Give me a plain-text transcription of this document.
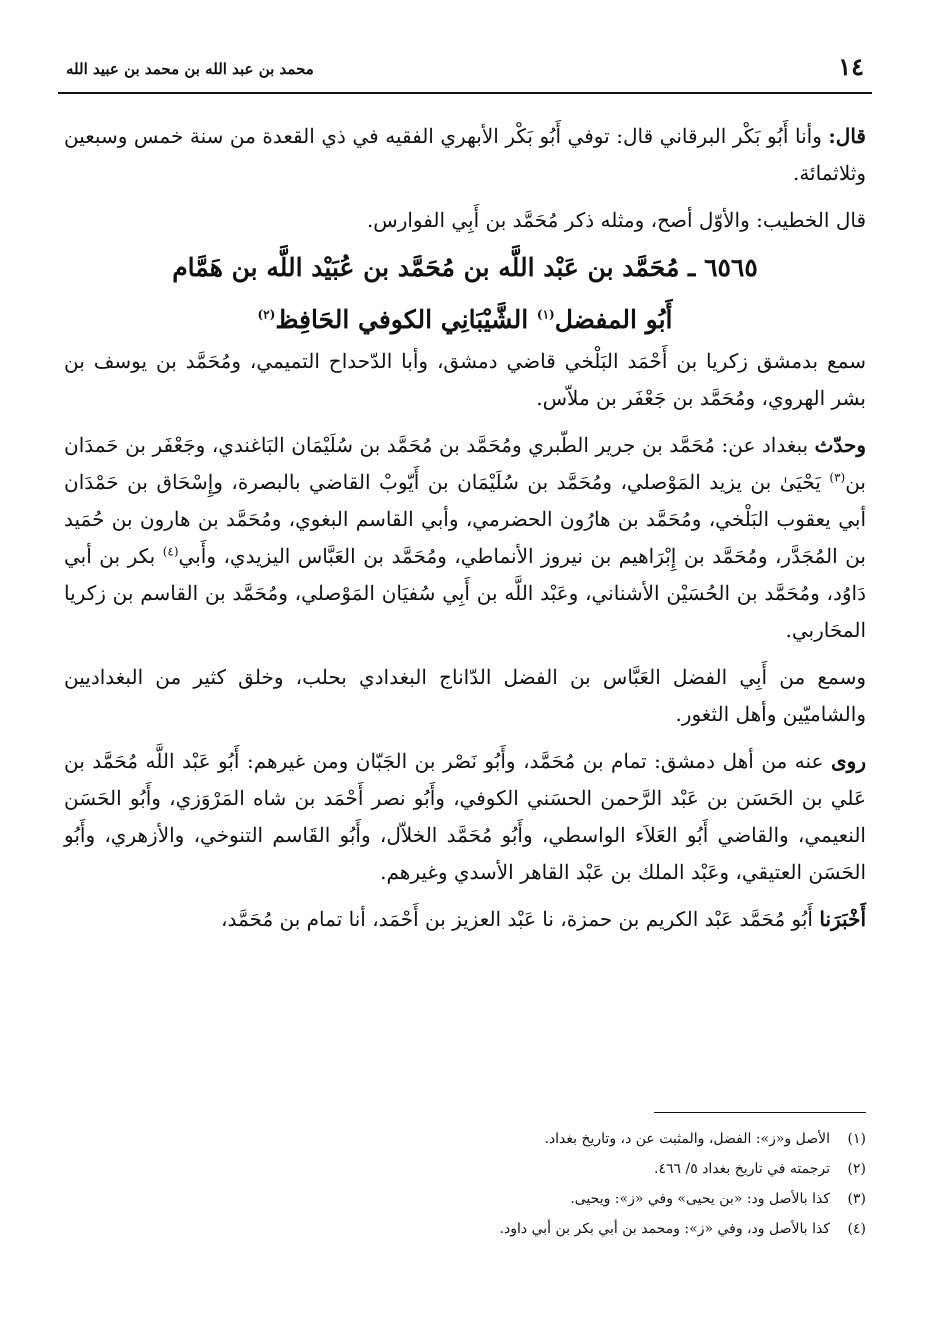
١٤
محمد بن عبد الله بن محمد بن عبيد الله

قال: وأنا أَبُو بَكْر البرقاني قال: توفي أَبُو بَكْر الأبهري الفقيه في ذي القعدة من سنة خمس وسبعين وثلاثمائة.

قال الخطيب: والأوّل أصح، ومثله ذكر مُحَمَّد بن أَبِي الفوارس.

٦٥٦٥ ـ مُحَمَّد بن عَبْد اللَّه بن مُحَمَّد بن عُبَيْد اللَّه بن هَمَّام
أَبُو المفضل$^{(١)}$ الشَّيْبَانِي الكوفي الحَافِظ$^{(٢)}$

سمع بدمشق زكريا بن أَحْمَد البَلْخي قاضي دمشق، وأبا الدّحداح التميمي، ومُحَمَّد بن يوسف بن بشر الهروي، ومُحَمَّد بن جَعْفَر بن ملاّس.

وحدّث ببغداد عن: مُحَمَّد بن جرير الطّبري ومُحَمَّد بن مُحَمَّد بن سُلَيْمَان البَاغندي، وجَعْفَر بن حَمدَان بن$^{(٣)}$ يَحْيَىٰ بن يزيد المَوْصلي، ومُحَمَّد بن سُلَيْمَان بن أَيّوبْ القاضي بالبصرة، وإِسْحَاق بن حَمْدَان أبي يعقوب البَلْخي، ومُحَمَّد بن هارُون الحضرمي، وأبي القاسم البغوي، ومُحَمَّد بن هارون بن حُمَيد بن المُجَدَّر، ومُحَمَّد بن إِبْرَاهيم بن نيروز الأنماطي، ومُحَمَّد بن العَبَّاس اليزيدي، وأَبي$^{(٤)}$ بكر بن أبي دَاوُد، ومُحَمَّد بن الحُسَيْن الأشناني، وعَبْد اللَّه بن أَبِي سُفيَان المَوْصلي، ومُحَمَّد بن القاسم بن زكريا المحَاربي.

وسمع من أَبِي الفضل العَبَّاس بن الفضل الدّاناج البغدادي بحلب، وخلق كثير من البغداديين والشاميّين وأهل الثغور.

روى عنه من أهل دمشق: تمام بن مُحَمَّد، وأَبُو نَصْر بن الجَبّان ومن غيرهم: أَبُو عَبْد اللَّه مُحَمَّد بن عَلي بن الحَسَن بن عَبْد الرَّحمن الحسَني الكوفي، وأَبُو نصر أَحْمَد بن شاه المَرْوَزي، وأَبُو الحَسَن النعيمي، والقاضي أَبُو العَلاَء الواسطي، وأَبُو مُحَمَّد الخلاّل، وأَبُو القَاسم التنوخي، والأزهري، وأَبُو الحَسَن العتيقي، وعَبْد الملك بن عَبْد القاهر الأسدي وغيرهم.

أَخْبَرَنا أَبُو مُحَمَّد عَبْد الكريم بن حمزة، نا عَبْد العزيز بن أَحْمَد، أنا تمام بن مُحَمَّد،

(١)
الأصل و«ز»: الفضل، والمثبت عن د، وتاريخ بغداد.
(٢)
ترجمته في تاريخ بغداد ٥/ ٤٦٦.
(٣)
كذا بالأصل ود: «بن يحيى» وفي «ز»: ويحيى.
(٤)
كذا بالأصل ود، وفي «ز»: ومحمد بن أبي بكر بن أبي داود.
